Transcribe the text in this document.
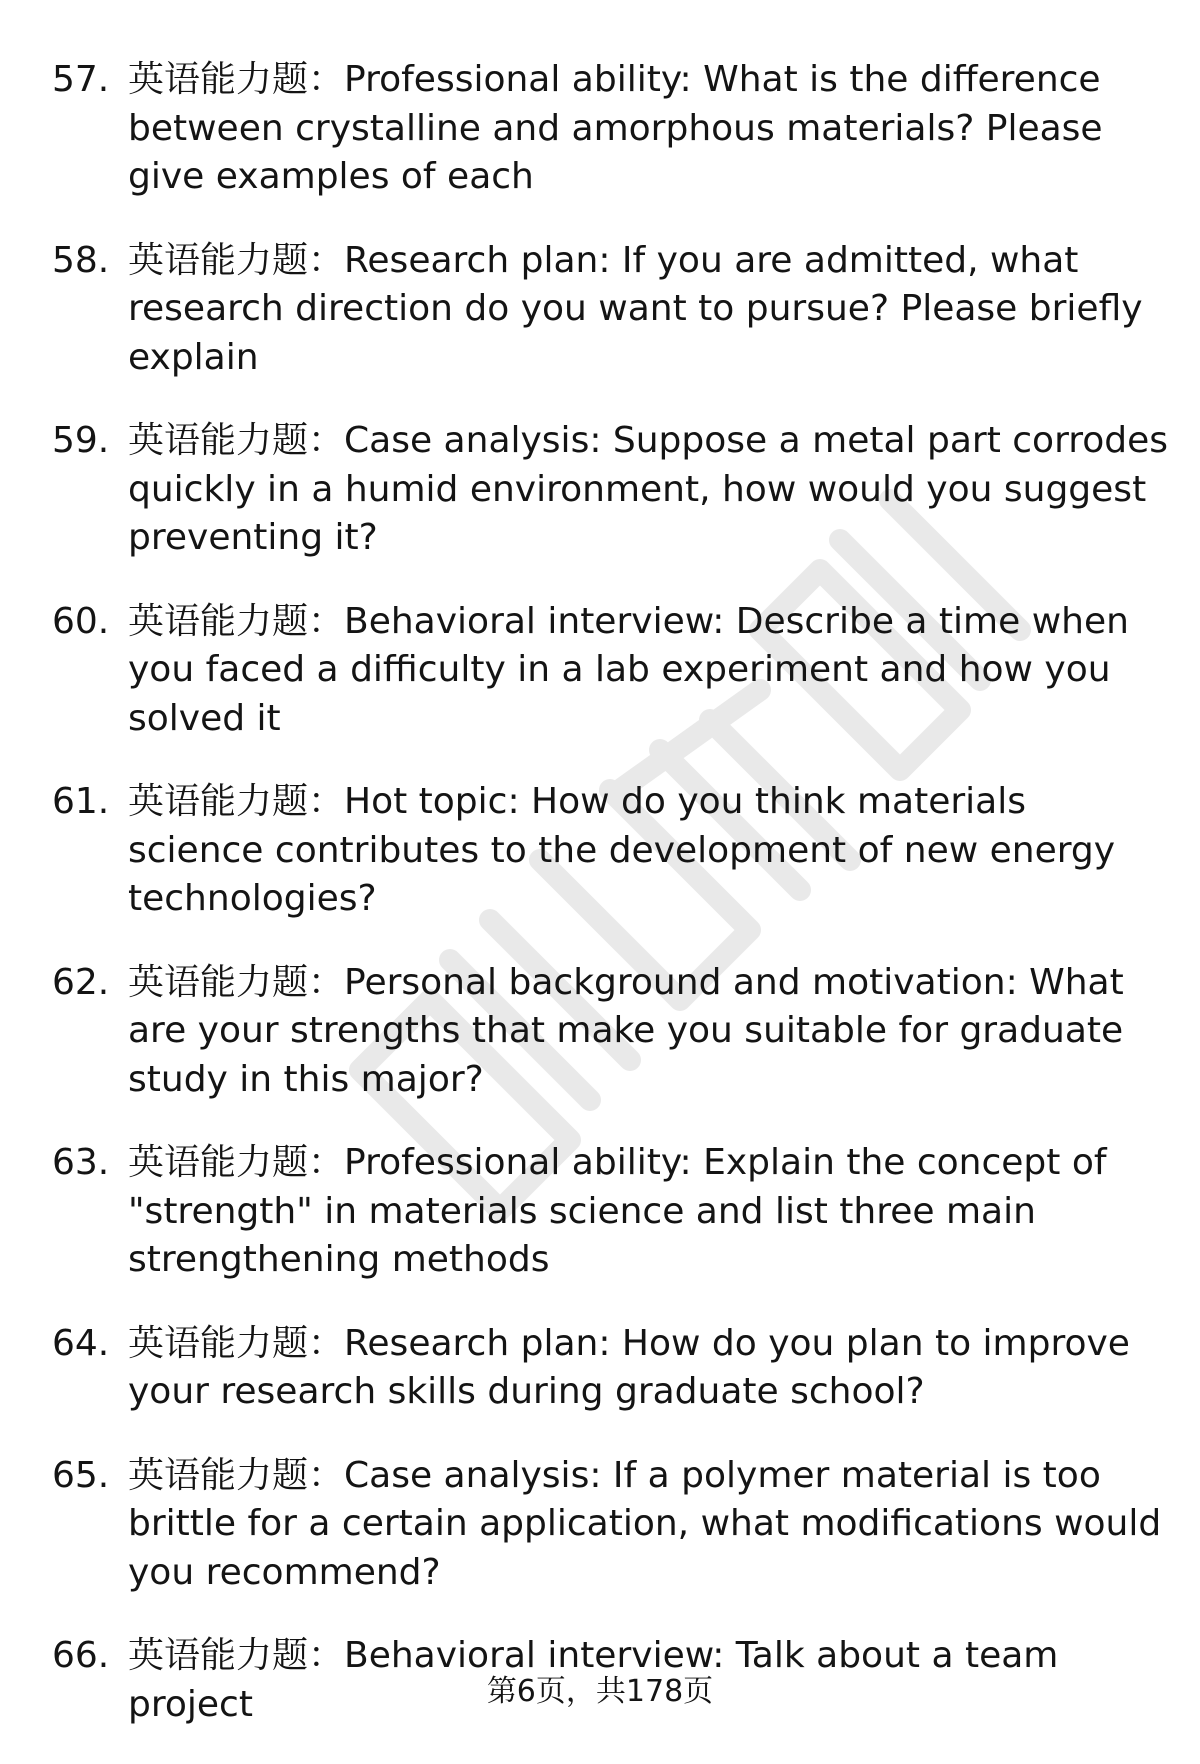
57. 英语能力题：Professional ability: What is the difference between crystalline and amorphous materials? Please give examples of each
58. 英语能力题：Research plan: If you are admitted, what research direction do you want to pursue? Please briefly explain
59. 英语能力题：Case analysis: Suppose a metal part corrodes quickly in a humid environment, how would you suggest preventing it?
60. 英语能力题：Behavioral interview: Describe a time when you faced a difficulty in a lab experiment and how you solved it
61. 英语能力题：Hot topic: How do you think materials science contributes to the development of new energy technologies?
62. 英语能力题：Personal background and motivation: What are your strengths that make you suitable for graduate study in this major?
63. 英语能力题：Professional ability: Explain the concept of "strength" in materials science and list three main strengthening methods
64. 英语能力题：Research plan: How do you plan to improve your research skills during graduate school?
65. 英语能力题：Case analysis: If a polymer material is too brittle for a certain application, what modifications would you recommend?
66. 英语能力题：Behavioral interview: Talk about a team project	第6页，共178页
